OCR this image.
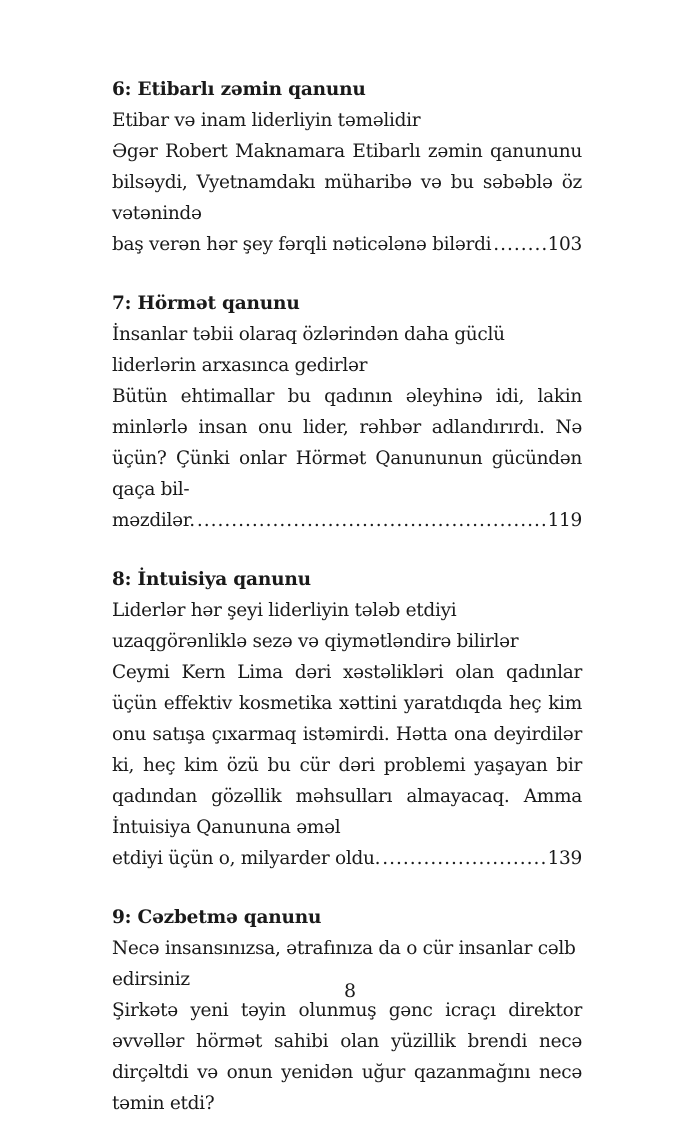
6: Etibarlı zəmin qanunu

Etibar və inam liderliyin təməlidir

Əgər Robert Maknamara Etibarlı zəmin qanununu bilsəydi, Vyetnamdakı müharibə və bu səbəblə öz vətənində

baş verən hər şey fərqli nəticələnə bilərdi .....	103

7: Hörmət qanunu

İnsanlar təbii olaraq özlərindən daha güclü liderlərin arxasınca gedirlər

Bütün ehtimallar bu qadının əleyhinə idi, lakin minlərlə insan onu lider, rəhbər adlandırırdı. Nə üçün? Çünki onlar Hörmət Qanununun gücündən qaça bil-

məzdilər. .....	119

8: İntuisiya qanunu

Liderlər hər şeyi liderliyin tələb etdiyi uzaqgörənliklə sezə və qiymətləndirə bilirlər

Ceymi Kern Lima dəri xəstəlikləri olan qadınlar üçün effektiv kosmetika xəttini yaratdıqda heç kim onu satışa çıxarmaq istəmirdi. Hətta ona deyirdilər ki, heç kim özü bu cür dəri problemi yaşayan bir qadından gözəllik məhsulları almayacaq. Amma İntuisiya Qanununa əməl

etdiyi üçün o, milyarder oldu. .....	139

9: Cəzbetmə qanunu

Necə insansınızsa, ətrafınıza da o cür insanlar cəlb edirsiniz

Şirkətə yeni təyin olunmuş gənc icraçı direktor əvvəllər hörmət sahibi olan yüzillik brendi necə dirçəltdi və onun yenidən uğur qazanmağını necə təmin etdi?

8
